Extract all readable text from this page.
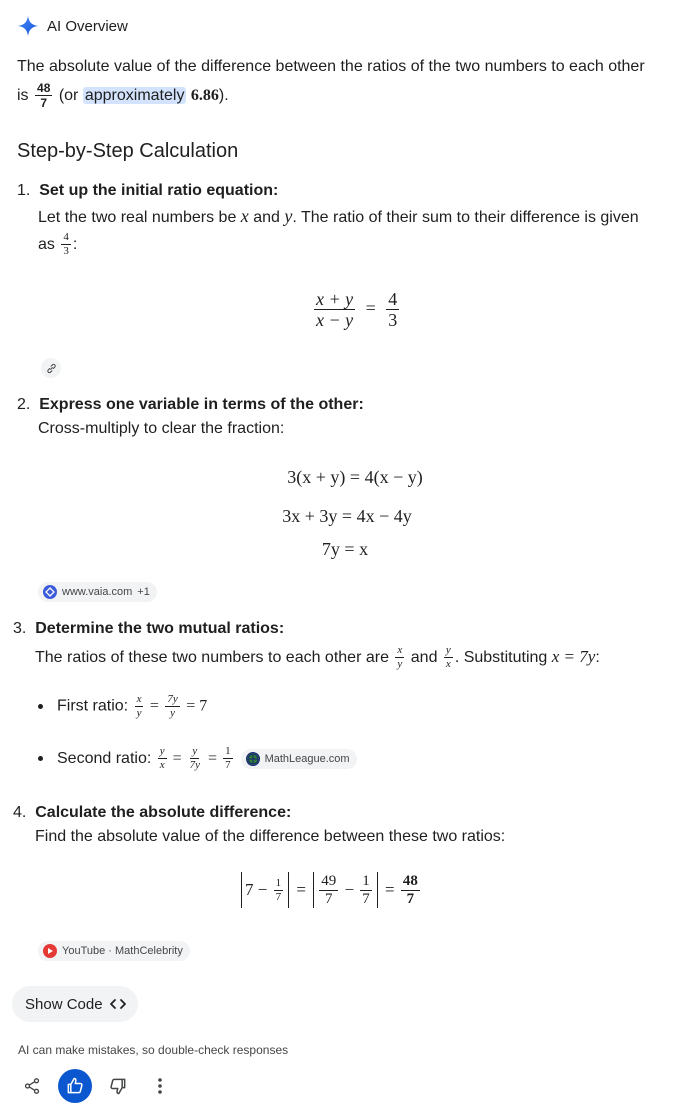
AI Overview
The absolute value of the difference between the ratios of the two numbers to each other
is $\frac{48}{7} (or$ approximately 6.86).
Step-by-Step Calculation
1. Set up the initial ratio equation:
Let the two real numbers be x and y. The ratio of their sum to their difference is given
as $\frac{4}{3}$ :
$\frac{x + y}{x - y} = \frac{4}{3}$
2. Express one variable in terms of the other:
Cross-multiply to clear the fraction:
3(x + y) = 4(x − y)
3x + 3y = 4x − 4y
7y = x
www.vaia.com +1
3. Determine the two mutual ratios:
The ratios of these two numbers to each other are $\frac{x}{y}$ and $\frac{y}{x}$ . Substituting x = 7y:
First ratio: $\frac{x}{y} = \frac{7y}{y} = 7$
Second ratio:
$\frac{y}{x} = \frac{y}{7y} = \frac{1}{7}$	MathLeague.com
4. Calculate the absolute difference:
Find the absolute value of the difference between these two ratios:
7 −
$\frac{1}{7} = \frac{49}{7} - \frac{1}{7} = \frac{48}{7}$
YouTube · MathCelebrity
Show Code
AI can make mistakes, so double-check responses
